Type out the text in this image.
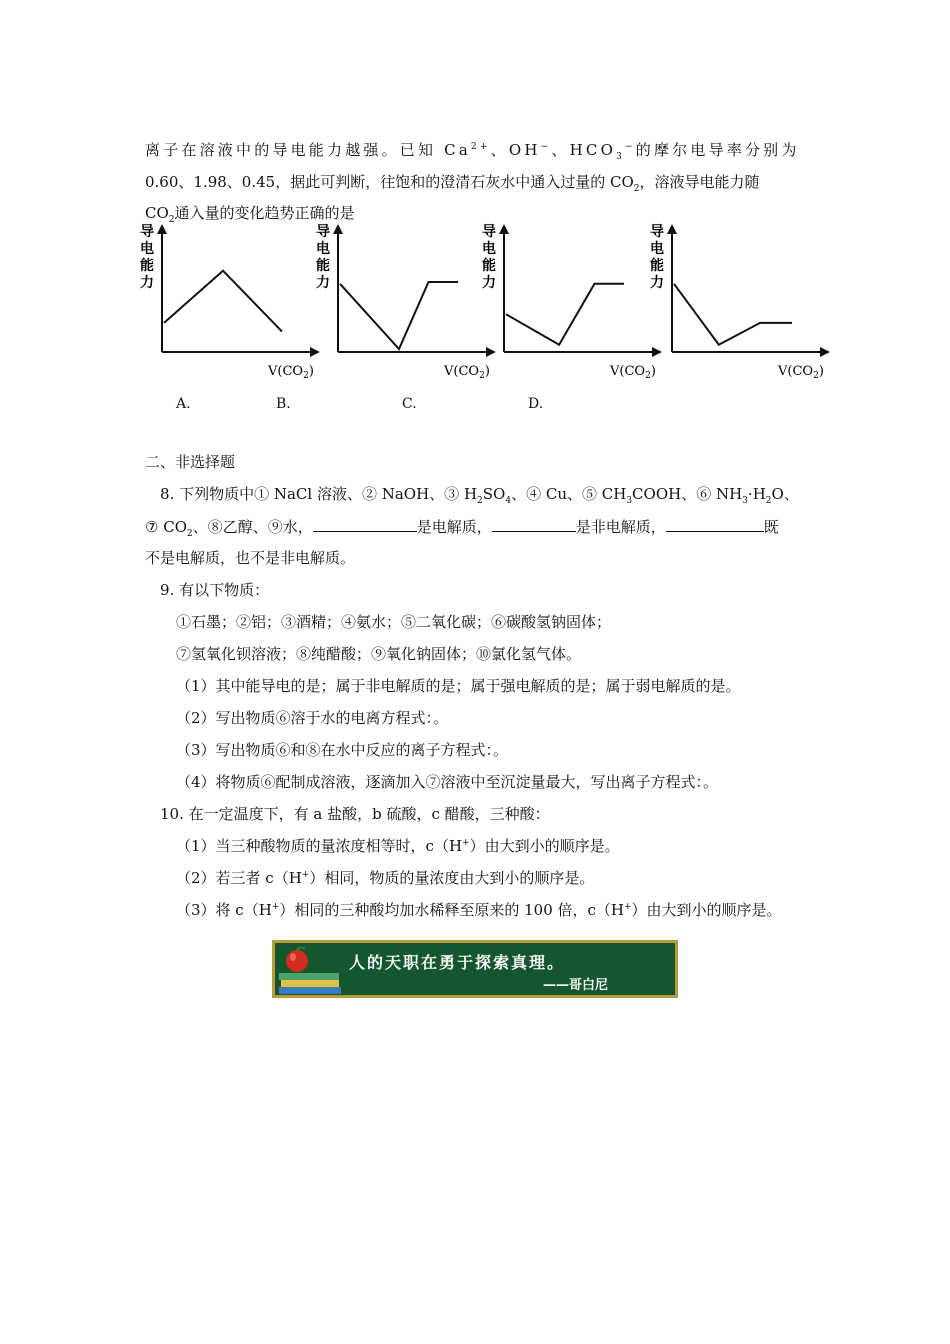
离子在溶液中的导电能力越强。已知 $Ca^{2+}$、OH−、$HCO_3^-$的摩尔电导率分别为
0.60、1.98、0.45，据此可判断，往饱和的澄清石灰水中通入过量的 $CO_2$，溶液导电能力随
$CO_2$通入量的变化趋势正确的是
导
电
能
力
$V(CO_2)$
导
电
能
力
$V(CO_2)$
导
电
能
力
$V(CO_2)$
导
电
能
力
$V(CO_2)$
A.	B.	C.	D.
二、非选择题
8. 下列物质中① NaCl 溶液、② NaOH、③ $H_2SO_4$、④ Cu、⑤ $CH_3COOH$、⑥ $NH_3\cdot H_2O$、
⑦ $CO_2$、⑧乙醇、⑨水，	是电解质，	是非电解质，	既
不是电解质，也不是非电解质。
9. 有以下物质：
①石墨；②铝；③酒精；④氨水；⑤二氧化碳；⑥碳酸氢钠固体；
⑦氢氧化钡溶液；⑧纯醋酸；⑨氧化钠固体；⑩氯化氢气体。
（1）其中能导电的是；属于非电解质的是；属于强电解质的是；属于弱电解质的是。
（2）写出物质⑥溶于水的电离方程式：。
（3）写出物质⑥和⑧在水中反应的离子方程式：。
（4）将物质⑥配制成溶液，逐滴加入⑦溶液中至沉淀量最大，写出离子方程式：。
10. 在一定温度下，有 a 盐酸，b 硫酸，c 醋酸，三种酸：
（1）当三种酸物质的量浓度相等时，c（H+）由大到小的顺序是。
（2）若三者 c（H+）相同，物质的量浓度由大到小的顺序是。
（3）将 c（H+）相同的三种酸均加水稀释至原来的 100 倍，c（H+）由大到小的顺序是。
人的天职在勇于探索真理。
——哥白尼
